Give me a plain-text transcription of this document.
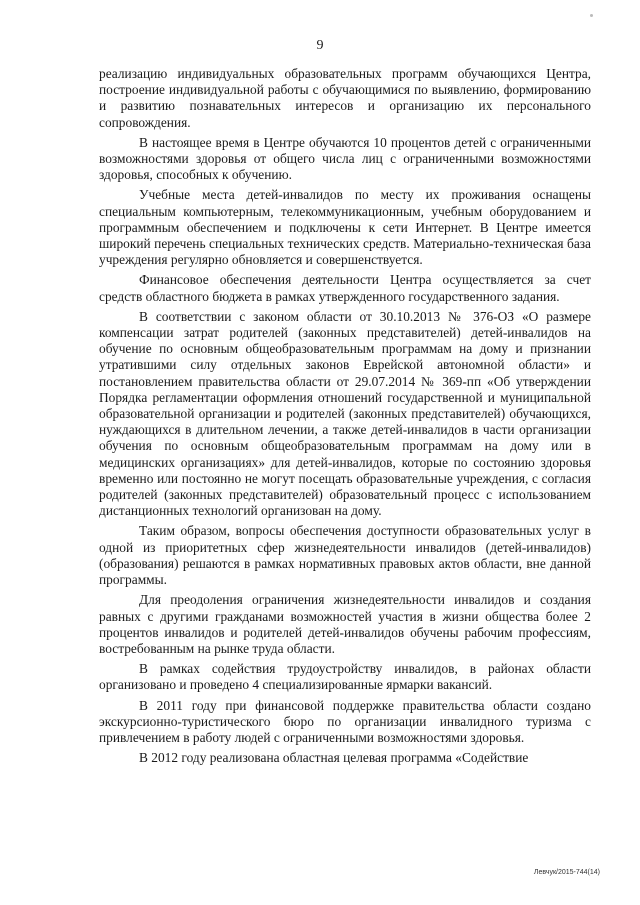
9

реализацию индивидуальных образовательных программ обучающихся Центра, построение индивидуальной работы с обучающимися по выявлению, формированию и развитию познавательных интересов и организацию их персонального сопровождения.

В настоящее время в Центре обучаются 10 процентов детей с ограниченными возможностями здоровья от общего числа лиц с ограниченными возможностями здоровья, способных к обучению.

Учебные места детей-инвалидов по месту их проживания оснащены специальным компьютерным, телекоммуникационным, учебным оборудованием и программным обеспечением и подключены к сети Интернет. В Центре имеется широкий перечень специальных технических средств. Материально-техническая база учреждения регулярно обновляется и совершенствуется.

Финансовое обеспечения деятельности Центра осуществляется за счет средств областного бюджета в рамках утвержденного государственного задания.

В соответствии с законом области от 30.10.2013 № 376-ОЗ «О размере компенсации затрат родителей (законных представителей) детей-инвалидов на обучение по основным общеобразовательным программам на дому и признании утратившими силу отдельных законов Еврейской автономной области» и постановлением правительства области от 29.07.2014 № 369-пп «Об утверждении Порядка регламентации оформления отношений государственной и муниципальной образовательной организации и родителей (законных представителей) обучающихся, нуждающихся в длительном лечении, а также детей-инвалидов в части организации обучения по основным общеобразовательным программам на дому или в медицинских организациях» для детей-инвалидов, которые по состоянию здоровья временно или постоянно не могут посещать образовательные учреждения, с согласия родителей (законных представителей) образовательный процесс с использованием дистанционных технологий организован на дому.

Таким образом, вопросы обеспечения доступности образовательных услуг в одной из приоритетных сфер жизнедеятельности инвалидов (детей-инвалидов) (образования) решаются в рамках нормативных правовых актов области, вне данной программы.

Для преодоления ограничения жизнедеятельности инвалидов и создания равных с другими гражданами возможностей участия в жизни общества более 2 процентов инвалидов и родителей детей-инвалидов обучены рабочим профессиям, востребованным на рынке труда области.

В рамках содействия трудоустройству инвалидов, в районах области организовано и проведено 4 специализированные ярмарки вакансий.

В 2011 году при финансовой поддержке правительства области создано экскурсионно-туристического бюро по организации инвалидного туризма с привлечением в работу людей с ограниченными возможностями здоровья.

В 2012 году реализована областная целевая программа «Содействие

Левчук/2015-744(14)
